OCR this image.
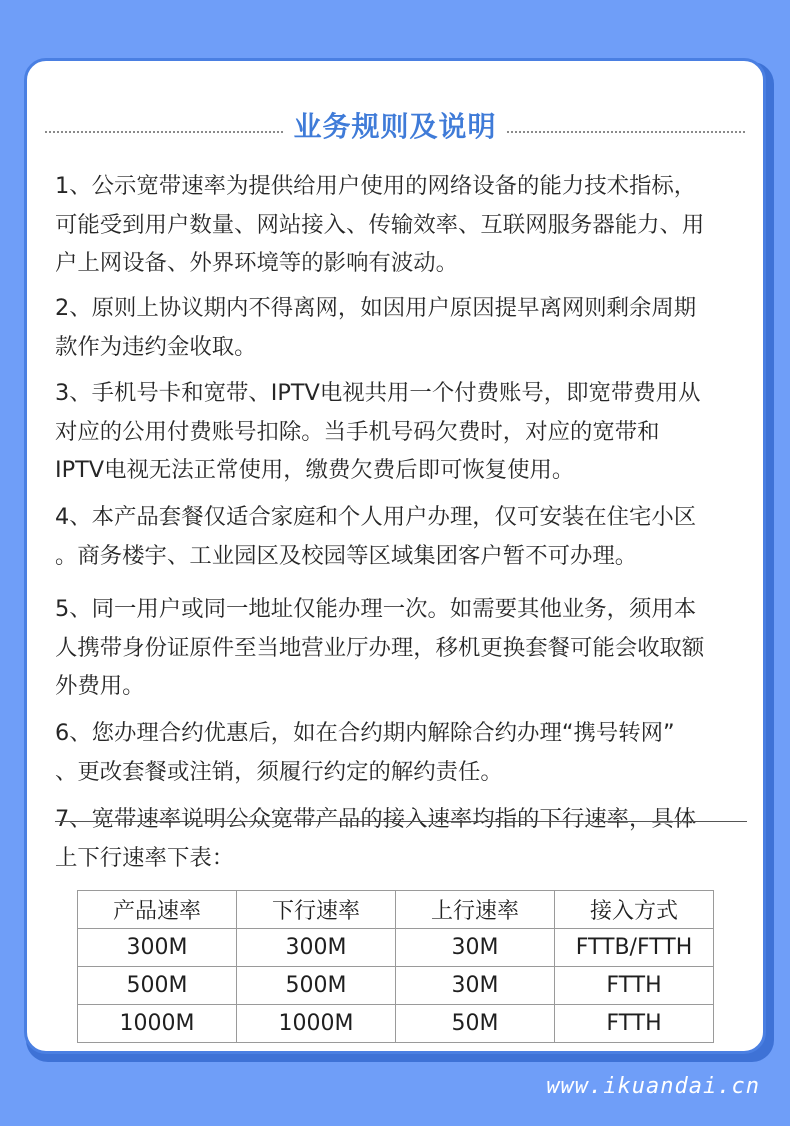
业务规则及说明
1、公示宽带速率为提供给用户使用的网络设备的能力技术指标，
可能受到用户数量、网站接入、传输效率、互联网服务器能力、用
户上网设备、外界环境等的影响有波动。
2、原则上协议期内不得离网，如因用户原因提早离网则剩余周期
款作为违约金收取。
3、手机号卡和宽带、IPTV电视共用一个付费账号，即宽带费用从
对应的公用付费账号扣除。当手机号码欠费时，对应的宽带和
IPTV电视无法正常使用，缴费欠费后即可恢复使用。
4、本产品套餐仅适合家庭和个人用户办理，仅可安装在住宅小区
。商务楼宇、工业园区及校园等区域集团客户暂不可办理。
5、同一用户或同一地址仅能办理一次。如需要其他业务，须用本
人携带身份证原件至当地营业厅办理，移机更换套餐可能会收取额
外费用。
6、您办理合约优惠后，如在合约期内解除合约办理“携号转网”
、更改套餐或注销，须履行约定的解约责任。
7、宽带速率说明公众宽带产品的接入速率均指的下行速率，具体
上下行速率下表：
产品速率	下行速率	上行速率	接入方式
300M	300M	30M	FTTB/FTTH
500M	500M	30M	FTTH
1000M	1000M	50M	FTTH
www.ikuandai.cn
